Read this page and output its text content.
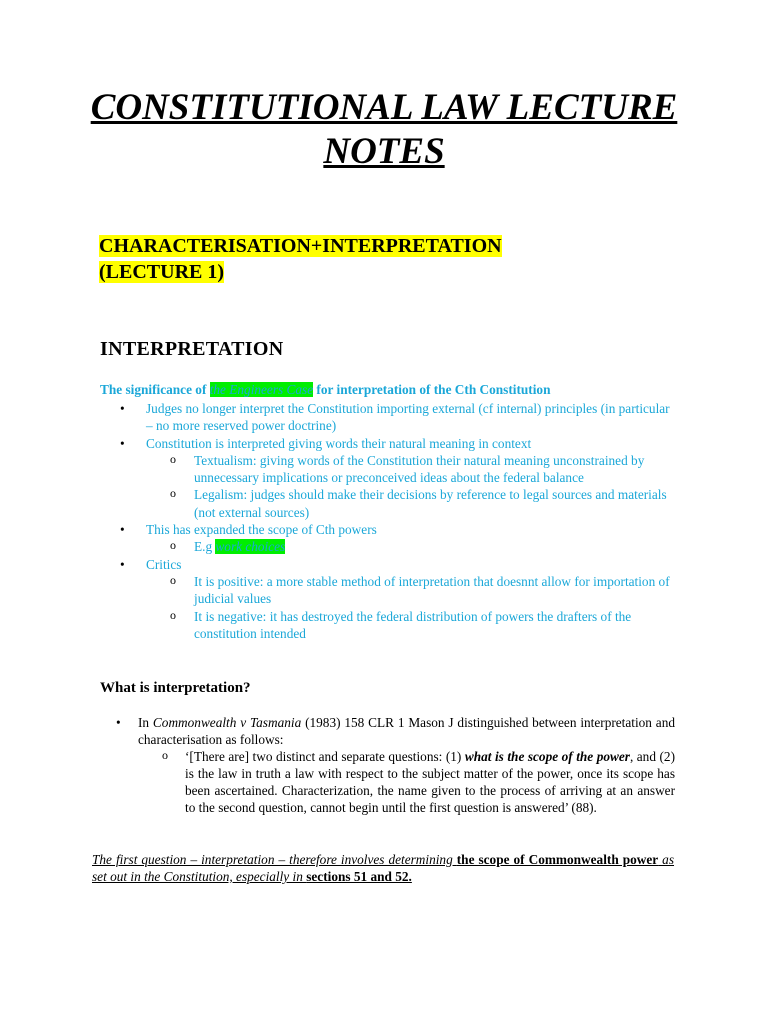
CONSTITUTIONAL LAW LECTURE NOTES
CHARACTERISATION+INTERPRETATION
(LECTURE 1)
INTERPRETATION

The significance of the Engineers Case for interpretation of the Cth Constitution

• Judges no longer interpret the Constitution importing external (cf internal) principles (in particular – no more reserved power doctrine)
• Constitution is interpreted giving words their natural meaning in context
o Textualism: giving words of the Constitution their natural meaning unconstrained by unnecessary implications or preconceived ideas about the federal balance
o Legalism: judges should make their decisions by reference to legal sources and materials (not external sources)
• This has expanded the scope of Cth powers
o E.g work choices
• Critics
o It is positive: a more stable method of interpretation that doesnnt allow for importation of judicial values
o It is negative: it has destroyed the federal distribution of powers the drafters of the constitution intended
What is interpretation?
• In Commonwealth v Tasmania (1983) 158 CLR 1 Mason J distinguished between interpretation and characterisation as follows:
o ‘[There are] two distinct and separate questions: (1) what is the scope of the power, and (2) is the law in truth a law with respect to the subject matter of the power, once its scope has been ascertained. Characterization, the name given to the process of arriving at an answer to the second question, cannot begin until the first question is answered’ (88).

The first question – interpretation – therefore involves determining the scope of Commonwealth power as set out in the Constitution, especially in sections 51 and 52.
